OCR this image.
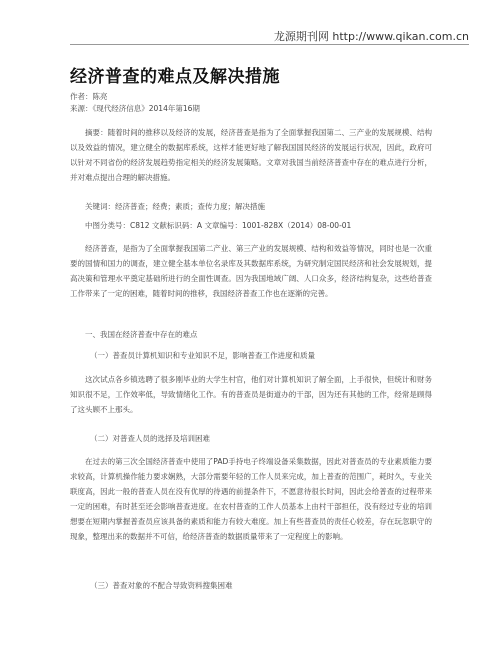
龙源期刊网 http://www.qikan.com.cn
经济普查的难点及解决措施
作者：陈亮
来源：《现代经济信息》2014年第16期

摘要：随着时间的推移以及经济的发展，经济普查是指为了全面掌握我国第二、三产业的发展规模、结构以及效益的情况，建立健全的数据库系统，这样才能更好地了解我国国民经济的发展运行状况，因此，政府可以针对不同省份的经济发展趋势指定相关的经济发展策略。文章对我国当前经济普查中存在的难点进行分析，并对难点提出合理的解决措施。

关键词：经济普查；经费；素质；查传力度；解决措施
中图分类号：C812 文献标识码：A 文章编号：1001-828X（2014）08-00-01

经济普查，是指为了全面掌握我国第二产业、第三产业的发展规模、结构和效益等情况，同时也是一次重要的国情和国力的调查，建立健全基本单位名录库及其数据库系统，为研究制定国民经济和社会发展规划，提高决策和管理水平奠定基础所进行的全面性调查。因为我国地域广阔、人口众多，经济结构复杂，这些给普查工作带来了一定的困难，随着时间的推移，我国经济普查工作也在逐渐的完善。

一、我国在经济普查中存在的难点
（一）普查员计算机知识和专业知识不足，影响普查工作进度和质量

这次试点各乡镇选聘了很多刚毕业的大学生村官，他们对计算机知识了解全面，上手很快，但统计和财务知识很不足，工作效率低，导致情绪化工作。有的普查员是街道办的干部，因为还有其他的工作，经常是顾得了这头顾不上那头。

（二）对普查人员的选择及培训困难

在过去的第三次全国经济普查中使用了PAD手持电子终端设备采集数据，因此对普查员的专业素质能力要求较高，计算机操作能力要求娴熟，大部分需要年轻的工作人员来完成，加上普查的范围广，耗时久，专业关联度高，因此一般的普查人员在没有优厚的待遇的前提条件下，不愿意待很长时间，因此会给普查的过程带来一定的困难，有时甚至还会影响普查进度。在农村普查的工作人员基本上由村干部担任，没有经过专业的培训想要在短期内掌握普查员应该具备的素质和能力有较大难度。加上有些普查员的责任心较差，存在玩忽职守的现象，整理出来的数据并不可信，给经济普查的数据质量带来了一定程度上的影响。

（三）普查对象的不配合导致资料搜集困难
